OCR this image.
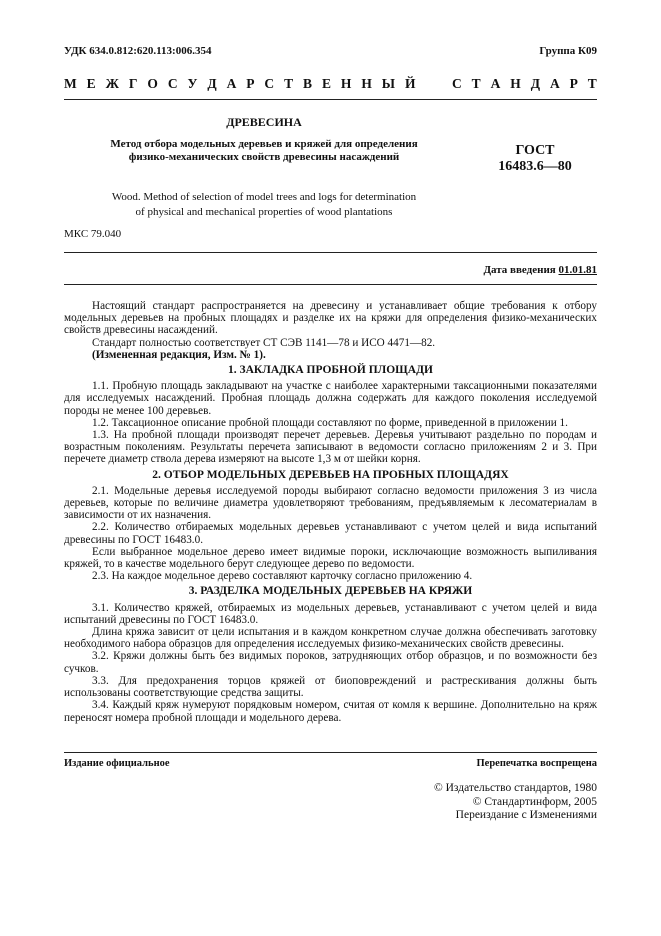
УДК 634.0.812:620.113:006.354	Группа К09
М Е Ж Г О С У Д А Р С Т В Е Н Н Ы Й

	С Т А Н Д А Р Т
ДРЕВЕСИНА
Метод отбора модельных деревьев и кряжей для определения физико-механических свойств древесины насаждений	ГОСТ
16483.6—80
Wood. Method of selection of model trees and logs for determination of physical and mechanical properties of wood plantations
МКС 79.040
Дата введения 01.01.81

Настоящий стандарт распространяется на древесину и устанавливает общие требования к отбору модельных деревьев на пробных площадях и разделке их на кряжи для определения физико-механических свойств древесины насаждений.

Стандарт полностью соответствует СТ СЭВ 1141—78 и ИСО 4471—82.

(Измененная редакция, Изм. № 1).

1. ЗАКЛАДКА ПРОБНОЙ ПЛОЩАДИ

1.1. Пробную площадь закладывают на участке с наиболее характерными таксационными показателями для исследуемых насаждений. Пробная площадь должна содержать для каждого поколения исследуемой породы не менее 100 деревьев.

1.2. Таксационное описание пробной площади составляют по форме, приведенной в приложении 1.

1.3. На пробной площади производят перечет деревьев. Деревья учитывают раздельно по породам и возрастным поколениям. Результаты перечета записывают в ведомости согласно приложениям 2 и 3. При перечете диаметр ствола дерева измеряют на высоте 1,3 м от шейки корня.

2. ОТБОР МОДЕЛЬНЫХ ДЕРЕВЬЕВ НА ПРОБНЫХ ПЛОЩАДЯХ

2.1. Модельные деревья исследуемой породы выбирают согласно ведомости приложения 3 из числа деревьев, которые по величине диаметра удовлетворяют требованиям, предъявляемым к лесоматериалам в зависимости от их назначения.

2.2. Количество отбираемых модельных деревьев устанавливают с учетом целей и вида испытаний древесины по ГОСТ 16483.0.

Если выбранное модельное дерево имеет видимые пороки, исключающие возможность выпиливания кряжей, то в качестве модельного берут следующее дерево по ведомости.

2.3. На каждое модельное дерево составляют карточку согласно приложению 4.

3. РАЗДЕЛКА МОДЕЛЬНЫХ ДЕРЕВЬЕВ НА КРЯЖИ

3.1. Количество кряжей, отбираемых из модельных деревьев, устанавливают с учетом целей и вида испытаний древесины по ГОСТ 16483.0.

Длина кряжа зависит от цели испытания и в каждом конкретном случае должна обеспечивать заготовку необходимого набора образцов для определения исследуемых физико-механических свойств древесины.

3.2. Кряжи должны быть без видимых пороков, затрудняющих отбор образцов, и по возможности без сучков.

3.3. Для предохранения торцов кряжей от биоповреждений и растрескивания должны быть использованы соответствующие средства защиты.

3.4. Каждый кряж нумеруют порядковым номером, считая от комля к вершине. Дополнительно на кряж переносят номера пробной площади и модельного дерева.

Издание официальное	Перепечатка воспрещена
© Издательство стандартов, 1980
© Стандартинформ, 2005
Переиздание с Изменениями
